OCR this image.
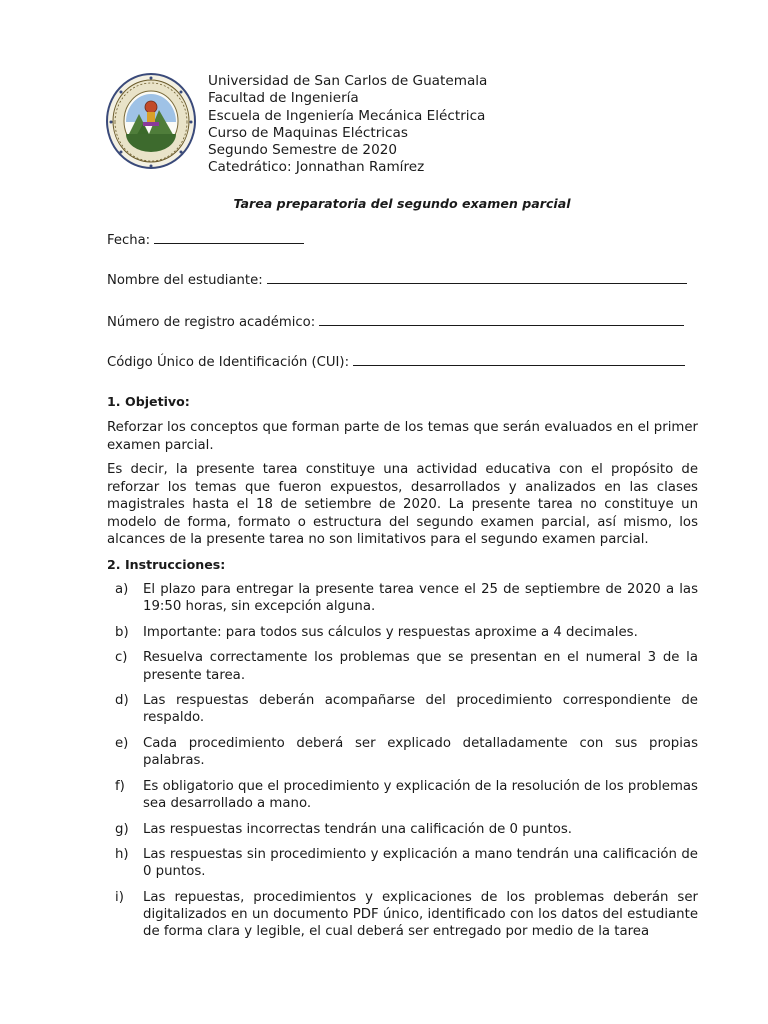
Universidad de San Carlos de Guatemala
Facultad de Ingeniería
Escuela de Ingeniería Mecánica Eléctrica
Curso de Maquinas Eléctricas
Segundo Semestre de 2020
Catedrático: Jonnathan Ramírez
Tarea preparatoria del segundo examen parcial
Fecha:
Nombre del estudiante:
Número de registro académico:
Código Único de Identificación (CUI):
1. Objetivo:
Reforzar los conceptos que forman parte de los temas que serán evaluados en el primer examen parcial.
Es decir, la presente tarea constituye una actividad educativa con el propósito de reforzar los temas que fueron expuestos, desarrollados y analizados en las clases magistrales hasta el 18 de setiembre de 2020. La presente tarea no constituye un modelo de forma, formato o estructura del segundo examen parcial, así mismo, los alcances de la presente tarea no son limitativos para el segundo examen parcial.
2. Instrucciones:
a)	El plazo para entregar la presente tarea vence el 25 de septiembre de 2020 a las 19:50 horas, sin excepción alguna.
b)	Importante: para todos sus cálculos y respuestas aproxime a 4 decimales.
c)	Resuelva correctamente los problemas que se presentan en el numeral 3 de la presente tarea.
d)	Las respuestas deberán acompañarse del procedimiento correspondiente de respaldo.
e)	Cada procedimiento deberá ser explicado detalladamente con sus propias palabras.
f)	Es obligatorio que el procedimiento y explicación de la resolución de los problemas sea desarrollado a mano.
g)	Las respuestas incorrectas tendrán una calificación de 0 puntos.
h)	Las respuestas sin procedimiento y explicación a mano tendrán una calificación de 0 puntos.
i)	Las repuestas, procedimientos y explicaciones de los problemas deberán ser digitalizados en un documento PDF único, identificado con los datos del estudiante de forma clara y legible, el cual deberá ser entregado por medio de la tarea
